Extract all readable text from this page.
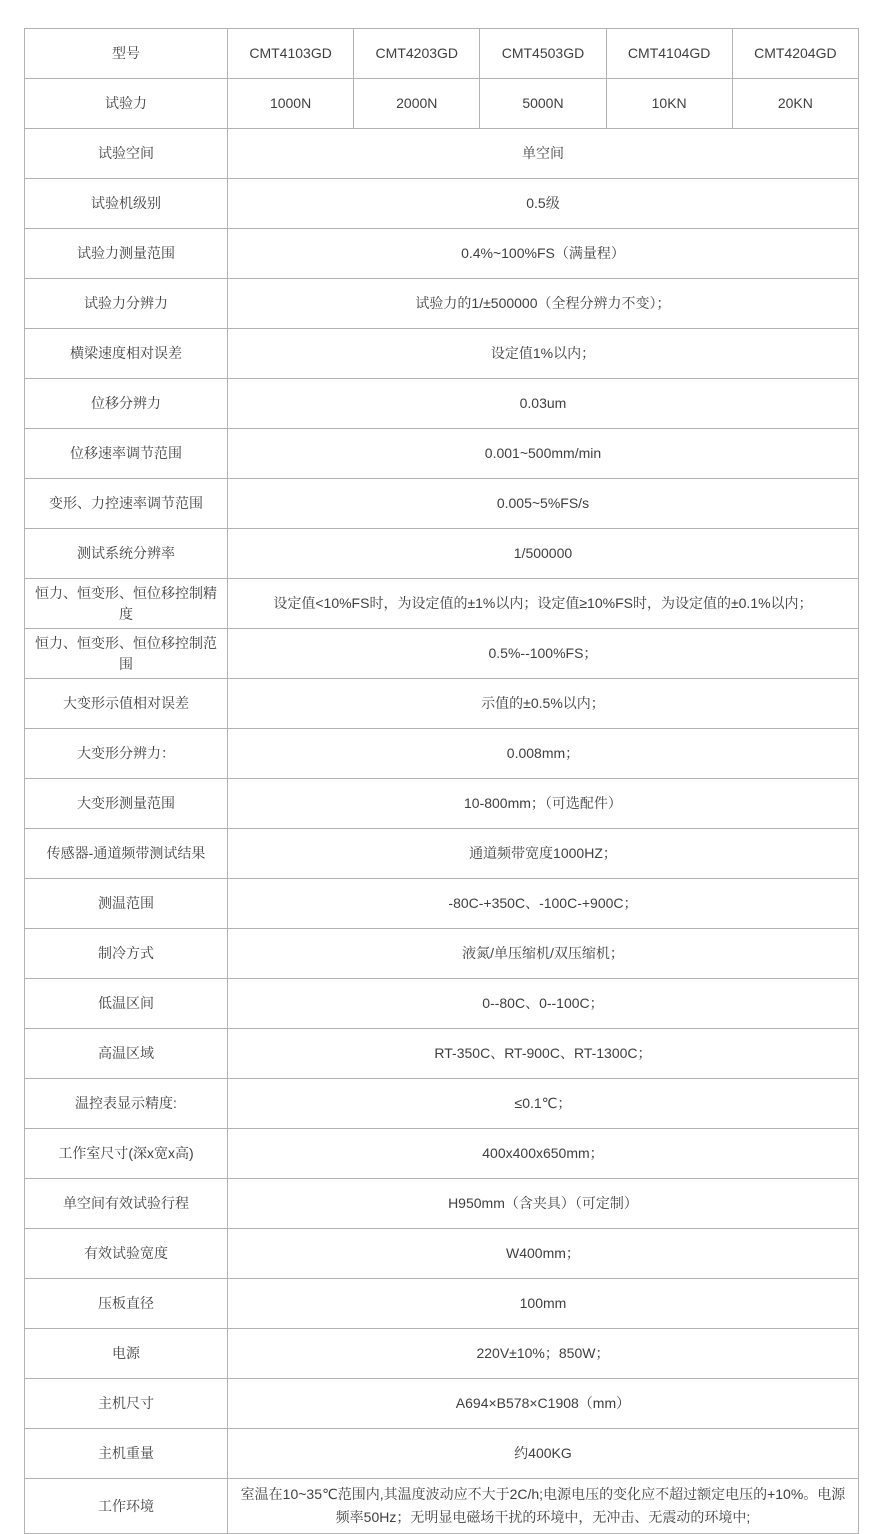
型号	CMT4103GD	CMT4203GD	CMT4503GD	CMT4104GD	CMT4204GD
试验力	1000N	2000N	5000N	10KN	20KN
试验空间	单空间				
试验机级别	0.5级				
试验力测量范围	0.4%~100%FS（满量程）				
试验力分辨力	试验力的1/±500000（全程分辨力不变）；				
横梁速度相对误差	设定值1%以内；				
位移分辨力	0.03um				
位移速率调节范围	0.001~500mm/min				
变形、力控速率调节范围	0.005~5%FS/s				
测试系统分辨率	1/500000				
恒力、恒变形、恒位移控制精度	设定值<10%FS时，为设定值的±1%以内；设定值≥10%FS时，为设定值的±0.1%以内；				
恒力、恒变形、恒位移控制范围	0.5%--100%FS；				
大变形示值相对误差	示值的±0.5%以内；				
大变形分辨力：	0.008mm；				
大变形测量范围	10-800mm；（可选配件）				
传感器-通道频带测试结果	通道频带宽度1000HZ；				
测温范围	-80C-+350C、-100C-+900C；				
制冷方式	液氮/单压缩机/双压缩机；				
低温区间	0--80C、0--100C；				
高温区域	RT-350C、RT-900C、RT-1300C；				
温控表显示精度:	≤0.1℃；				
工作室尺寸(深x宽x高)	400x400x650mm；				
单空间有效试验行程	H950mm（含夹具）（可定制）				
有效试验宽度	W400mm；				
压板直径	100mm				
电源	220V±10%；850W；				
主机尺寸	A694×B578×C1908（mm）				
主机重量	约400KG				
工作环境	室温在10~35℃范围内,其温度波动应不大于2C/h;电源电压的变化应不超过额定电压的+10%。电源频率50Hz；无明显电磁场干扰的环境中，无冲击、无震动的环境中;				
